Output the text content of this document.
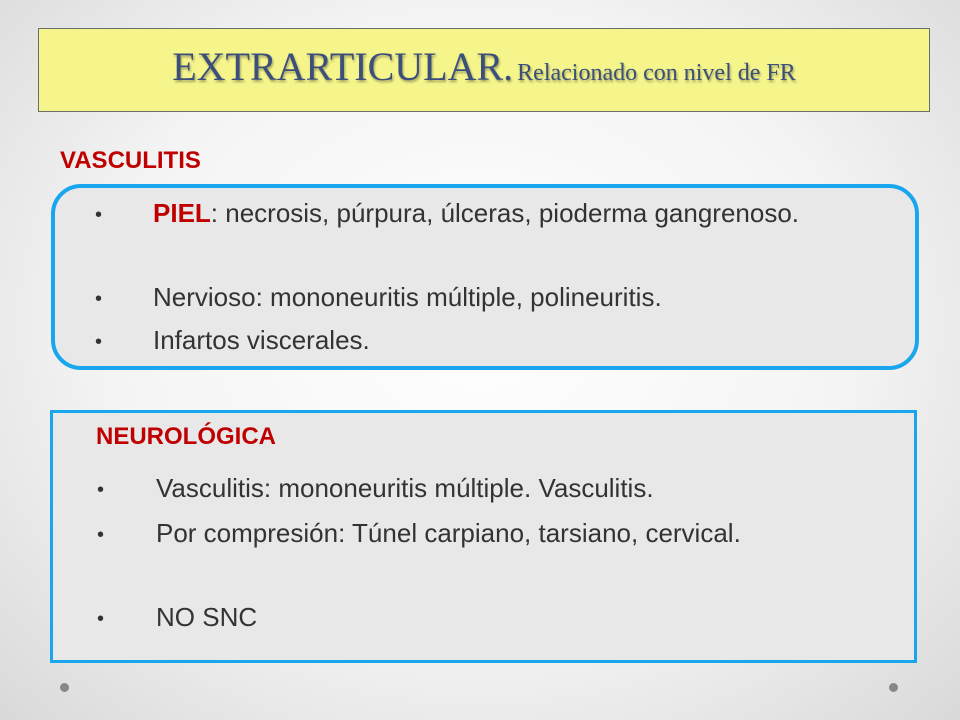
EXTRARTICULAR. Relacionado con nivel de FR
VASCULITIS
•	PIEL: necrosis, púrpura, úlceras, pioderma gangrenoso.
•	Nervioso: mononeuritis múltiple, polineuritis.
•	Infartos viscerales.
NEUROLÓGICA
•	Vasculitis: mononeuritis múltiple. Vasculitis.
•	Por compresión: Túnel carpiano, tarsiano, cervical.
•	NO SNC
